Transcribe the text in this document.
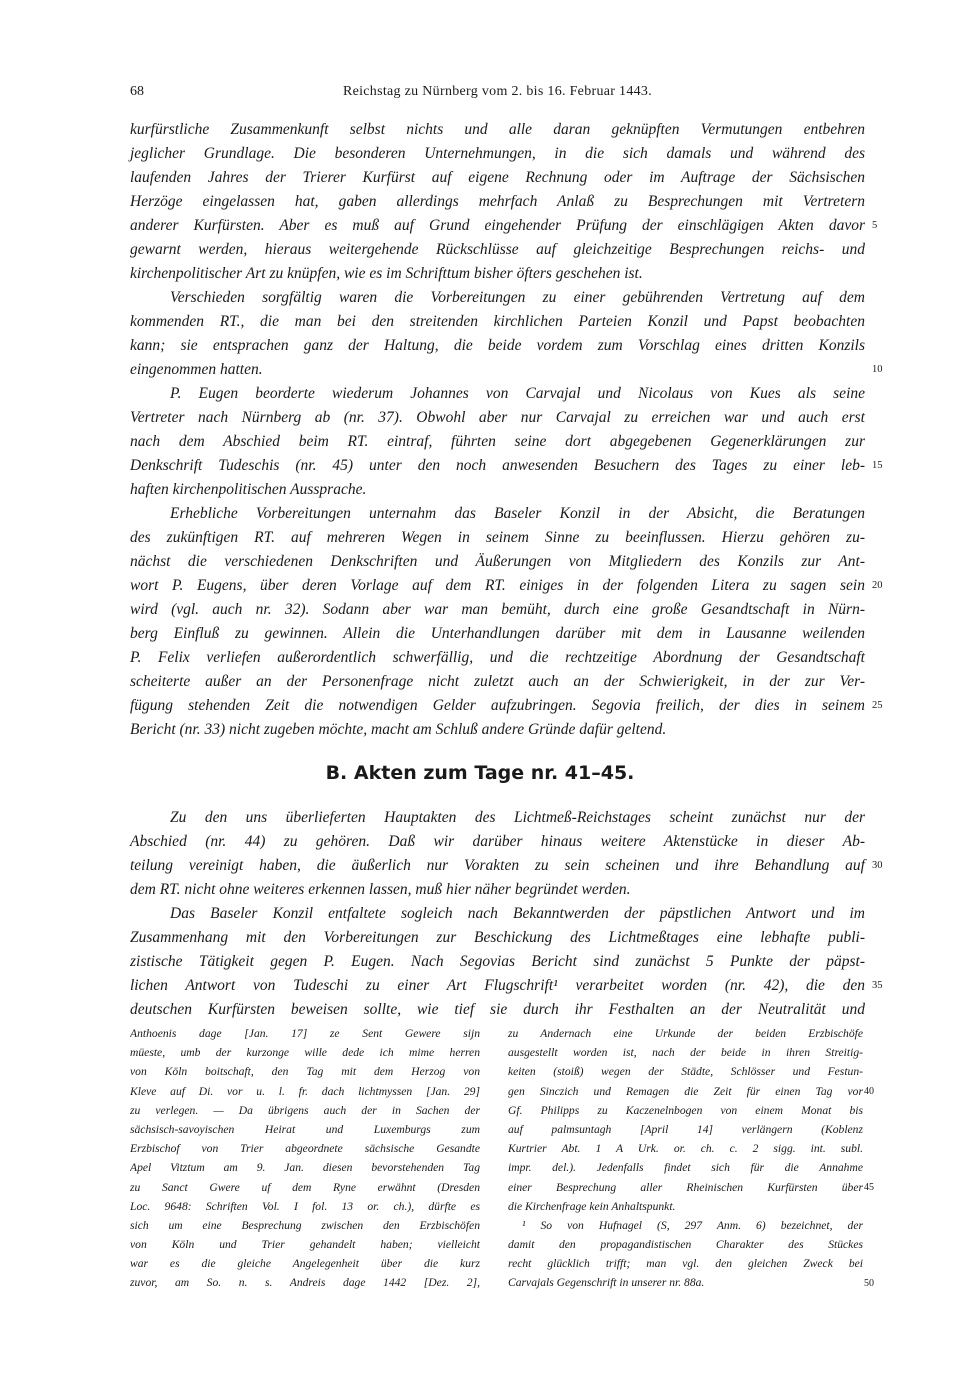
68	Reichstag zu Nürnberg vom 2. bis 16. Februar 1443.
kurfürstliche Zusammenkunft selbst nichts und alle daran geknüpften Vermutungen entbehren
jeglicher Grundlage. Die besonderen Unternehmungen, in die sich damals und während des
laufenden Jahres der Trierer Kurfürst auf eigene Rechnung oder im Auftrage der Sächsischen
Herzöge eingelassen hat, gaben allerdings mehrfach Anlaß zu Besprechungen mit Vertretern
anderer Kurfürsten. Aber es muß auf Grund eingehender Prüfung der einschlägigen Akten davor
gewarnt werden, hieraus weitergehende Rückschlüsse auf gleichzeitige Besprechungen reichs- und
kirchenpolitischer Art zu knüpfen, wie es im Schrifttum bisher öfters geschehen ist.
Verschieden sorgfältig waren die Vorbereitungen zu einer gebührenden Vertretung auf dem
kommenden RT., die man bei den streitenden kirchlichen Parteien Konzil und Papst beobachten
kann; sie entsprachen ganz der Haltung, die beide vordem zum Vorschlag eines dritten Konzils
eingenommen hatten.
P. Eugen beorderte wiederum Johannes von Carvajal und Nicolaus von Kues als seine
Vertreter nach Nürnberg ab (nr. 37). Obwohl aber nur Carvajal zu erreichen war und auch erst
nach dem Abschied beim RT. eintraf, führten seine dort abgegebenen Gegenerklärungen zur
Denkschrift Tudeschis (nr. 45) unter den noch anwesenden Besuchern des Tages zu einer leb-
haften kirchenpolitischen Aussprache.
Erhebliche Vorbereitungen unternahm das Baseler Konzil in der Absicht, die Beratungen
des zukünftigen RT. auf mehreren Wegen in seinem Sinne zu beeinflussen. Hierzu gehören zu-
nächst die verschiedenen Denkschriften und Äußerungen von Mitgliedern des Konzils zur Ant-
wort P. Eugens, über deren Vorlage auf dem RT. einiges in der folgenden Litera zu sagen sein
wird (vgl. auch nr. 32). Sodann aber war man bemüht, durch eine große Gesandtschaft in Nürn-
berg Einfluß zu gewinnen. Allein die Unterhandlungen darüber mit dem in Lausanne weilenden
P. Felix verliefen außerordentlich schwerfällig, und die rechtzeitige Abordnung der Gesandtschaft
scheiterte außer an der Personenfrage nicht zuletzt auch an der Schwierigkeit, in der zur Ver-
fügung stehenden Zeit die notwendigen Gelder aufzubringen. Segovia freilich, der dies in seinem
Bericht (nr. 33) nicht zugeben möchte, macht am Schluß andere Gründe dafür geltend.
5
10
15
20
25
B. Akten zum Tage nr. 41–45.
Zu den uns überlieferten Hauptakten des Lichtmeß-Reichstages scheint zunächst nur der
Abschied (nr. 44) zu gehören. Daß wir darüber hinaus weitere Aktenstücke in dieser Ab-
teilung vereinigt haben, die äußerlich nur Vorakten zu sein scheinen und ihre Behandlung auf
dem RT. nicht ohne weiteres erkennen lassen, muß hier näher begründet werden.
Das Baseler Konzil entfaltete sogleich nach Bekanntwerden der päpstlichen Antwort und im
Zusammenhang mit den Vorbereitungen zur Beschickung des Lichtmeßtages eine lebhafte publi-
zistische Tätigkeit gegen P. Eugen. Nach Segovias Bericht sind zunächst 5 Punkte der päpst-
lichen Antwort von Tudeschi zu einer Art Flugschrift¹ verarbeitet worden (nr. 42), die den
deutschen Kurfürsten beweisen sollte, wie tief sie durch ihr Festhalten an der Neutralität und
30
35
Anthoenis dage [Jan. 17] ze Sent Gewere sijn
müeste, umb der kurzonge wille dede ich mime herren
von Köln boitschaft, den Tag mit dem Herzog von
Kleve auf Di. vor u. l. fr. dach lichtmyssen [Jan. 29]
zu verlegen. — Da übrigens auch der in Sachen der
sächsisch-savoyischen Heirat und Luxemburgs zum
Erzbischof von Trier abgeordnete sächsische Gesandte
Apel Vitztum am 9. Jan. diesen bevorstehenden Tag
zu Sanct Gwere uf dem Ryne erwähnt (Dresden
Loc. 9648: Schriften Vol. I fol. 13 or. ch.), dürfte es
sich um eine Besprechung zwischen den Erzbischöfen
von Köln und Trier gehandelt haben; vielleicht
war es die gleiche Angelegenheit über die kurz
zuvor, am So. n. s. Andreis dage 1442 [Dez. 2],
zu Andernach eine Urkunde der beiden Erzbischöfe
ausgestellt worden ist, nach der beide in ihren Streitig-
keiten (stoiß) wegen der Städte, Schlösser und Festun-
gen Sinczich und Remagen die Zeit für einen Tag vor
Gf. Philipps zu Kaczenelnbogen von einem Monat bis
auf palmsuntagh [April 14] verlängern (Koblenz
Kurtrier Abt. 1 A Urk. or. ch. c. 2 sigg. int. subl.
impr. del.). Jedenfalls findet sich für die Annahme
einer Besprechung aller Rheinischen Kurfürsten über
die Kirchenfrage kein Anhaltspunkt.
¹ So von Hufnagel (S, 297 Anm. 6) bezeichnet, der
damit den propagandistischen Charakter des Stückes
recht glücklich trifft; man vgl. den gleichen Zweck bei
Carvajals Gegenschrift in unserer nr. 88a.
40
45
50
